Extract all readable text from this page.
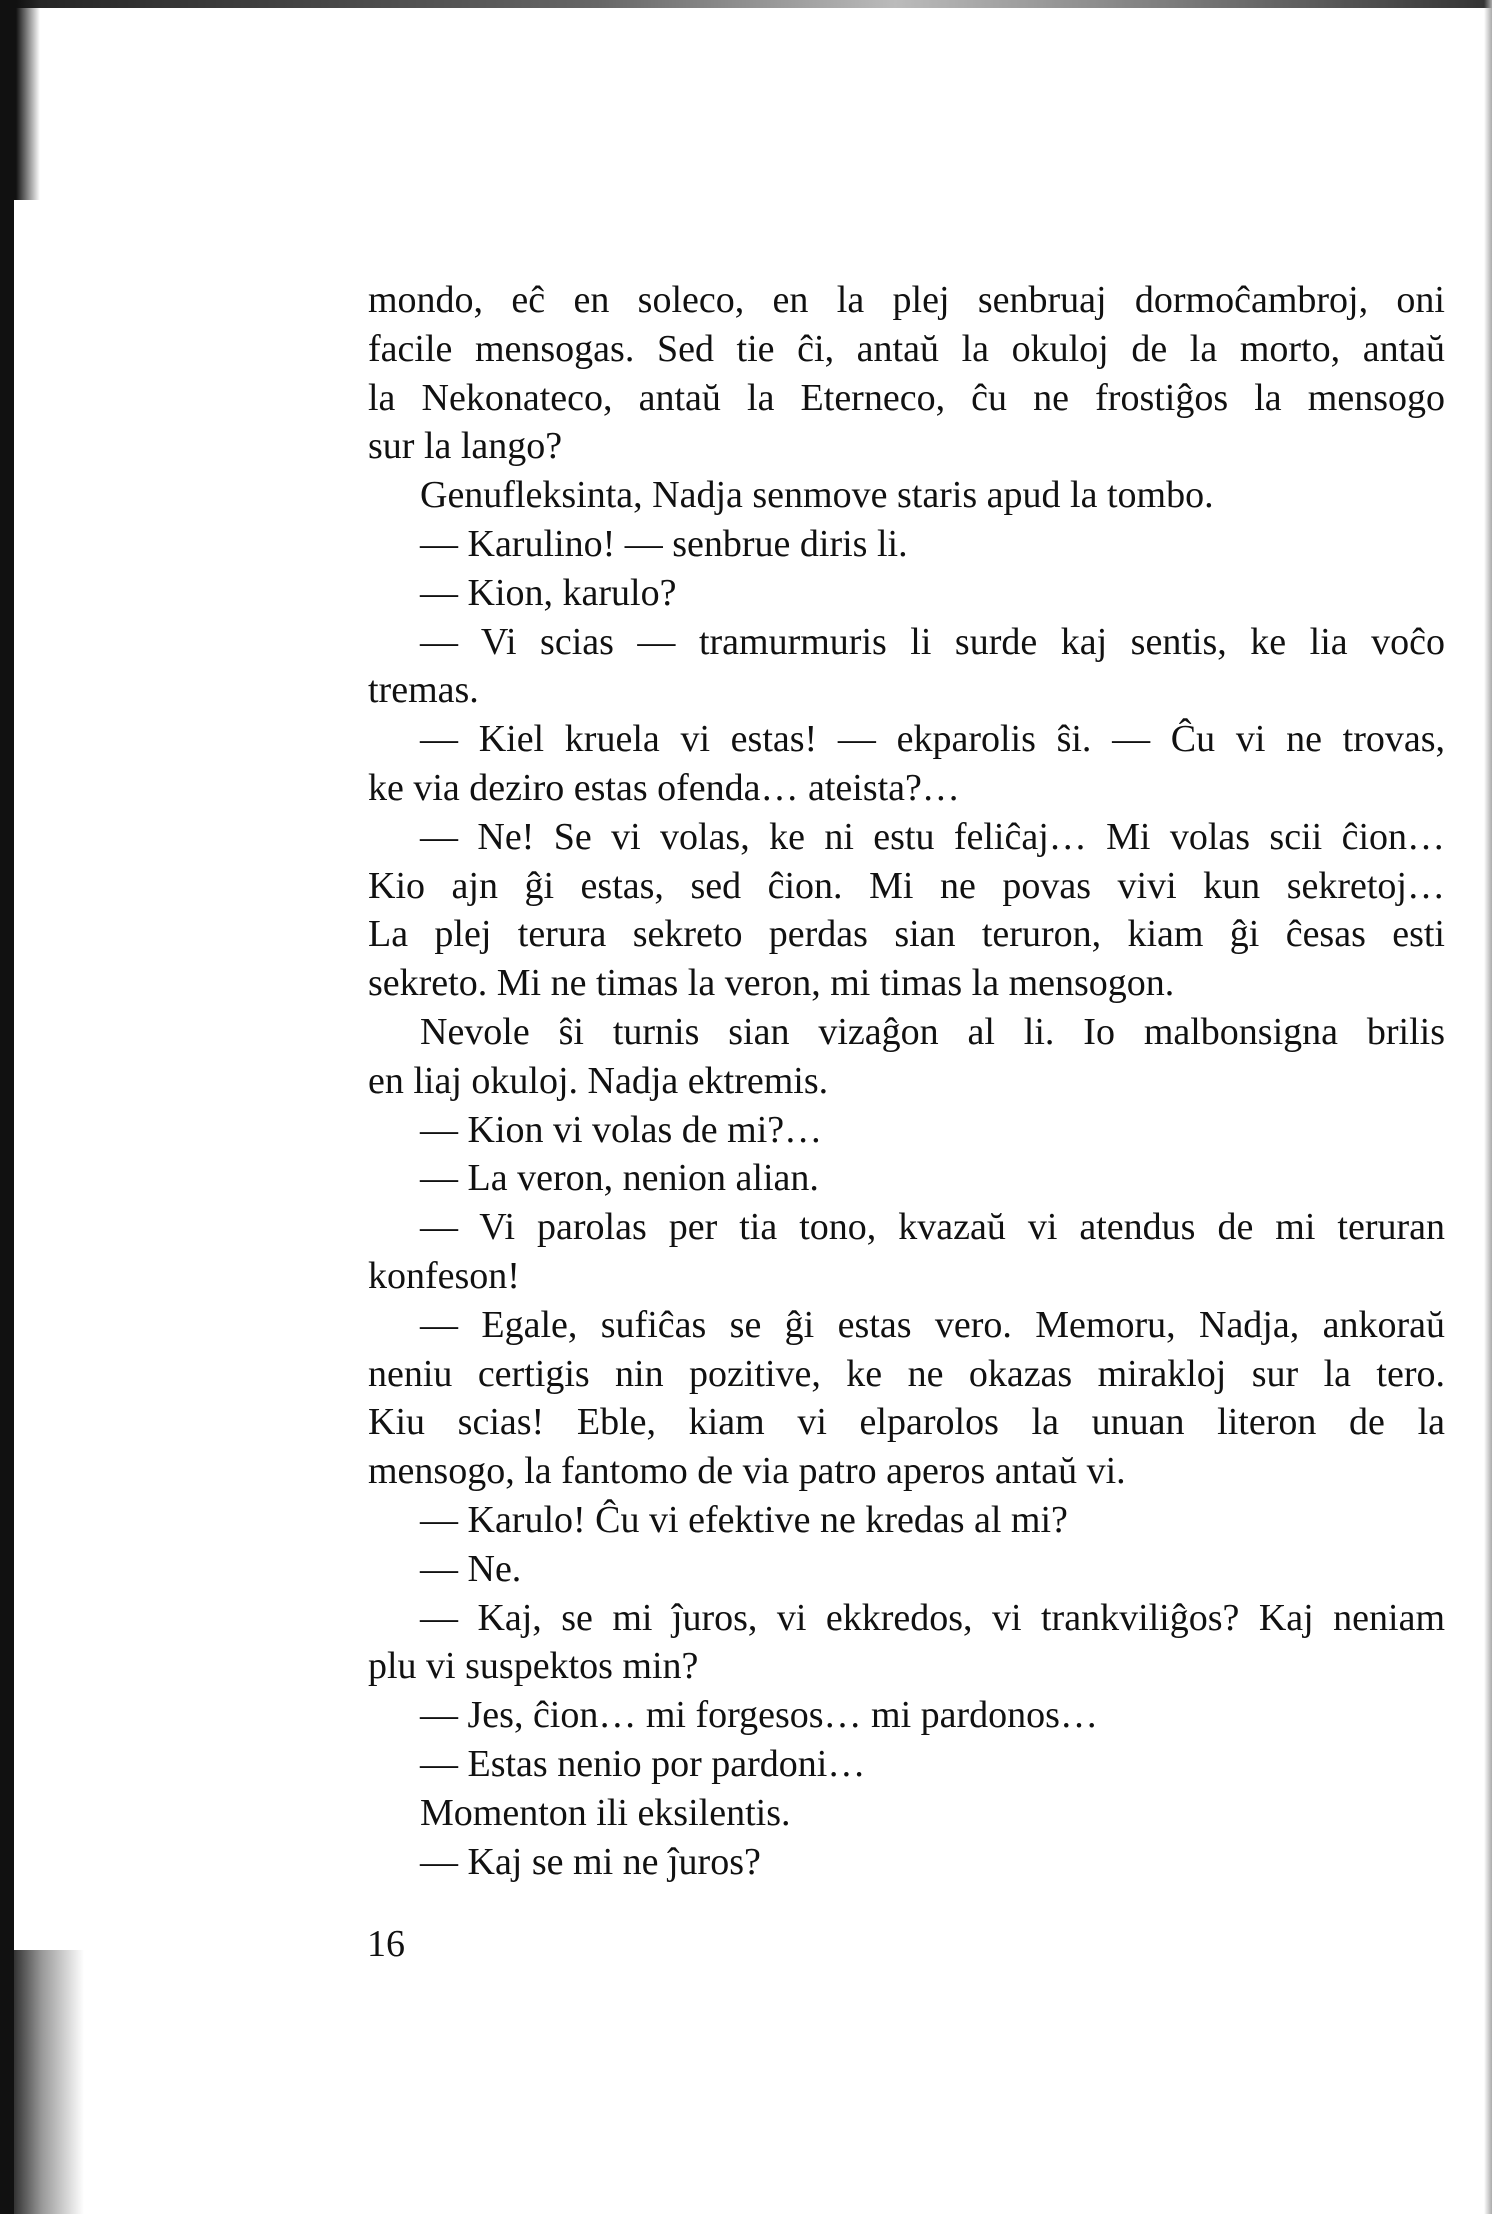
mondo, eĉ en soleco, en la plej senbruaj dormoĉambroj, oni
facile mensogas. Sed tie ĉi, antaŭ la okuloj de la morto, antaŭ
la Nekonateco, antaŭ la Eterneco, ĉu ne frostiĝos la mensogo
sur la lango?
Genufleksinta, Nadja senmove staris apud la tombo.
— Karulino! — senbrue diris li.
— Kion, karulo?
— Vi scias — tramurmuris li surde kaj sentis, ke lia voĉo
tremas.
— Kiel kruela vi estas! — ekparolis ŝi. — Ĉu vi ne trovas,
ke via deziro estas ofenda… ateista?…
— Ne! Se vi volas, ke ni estu feliĉaj… Mi volas scii ĉion…
Kio ajn ĝi estas, sed ĉion. Mi ne povas vivi kun sekretoj…
La plej terura sekreto perdas sian teruron, kiam ĝi ĉesas esti
sekreto. Mi ne timas la veron, mi timas la mensogon.
Nevole ŝi turnis sian vizaĝon al li. Io malbonsigna brilis
en liaj okuloj. Nadja ektremis.
— Kion vi volas de mi?…
— La veron, nenion alian.
— Vi parolas per tia tono, kvazaŭ vi atendus de mi teruran
konfeson!
— Egale, sufiĉas se ĝi estas vero. Memoru, Nadja, ankoraŭ
neniu certigis nin pozitive, ke ne okazas mirakloj sur la tero.
Kiu scias! Eble, kiam vi elparolos la unuan literon de la
mensogo, la fantomo de via patro aperos antaŭ vi.
— Karulo! Ĉu vi efektive ne kredas al mi?
— Ne.
— Kaj, se mi ĵuros, vi ekkredos, vi trankviliĝos? Kaj neniam
plu vi suspektos min?
— Jes, ĉion… mi forgesos… mi pardonos…
— Estas nenio por pardoni…
Momenton ili eksilentis.
— Kaj se mi ne ĵuros?
16
